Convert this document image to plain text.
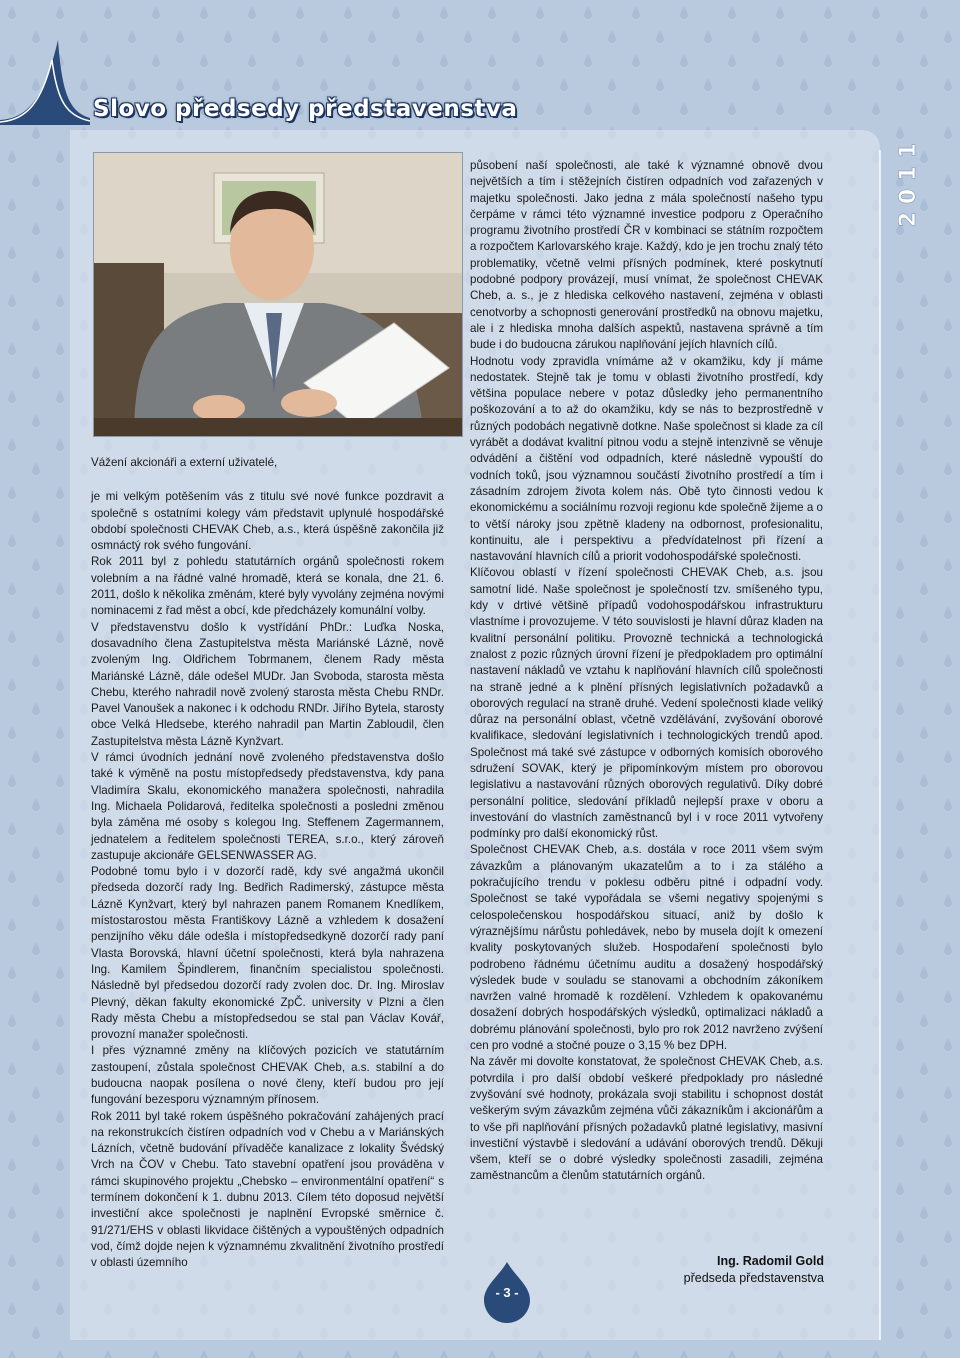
Slovo předsedy představenstva
2 0 1 1

Vážení akcionáři a externí uživatelé,

je mi velkým potěšením vás z titulu své nové funkce pozdravit a společně s ostatními kolegy vám představit uplynulé hospodářské období společnosti CHEVAK Cheb, a.s., která úspěšně zakončila již osmnáctý rok svého fungování.

Rok 2011 byl z pohledu statutárních orgánů společnosti rokem volebním a na řádné valné hromadě, která se konala, dne 21. 6. 2011, došlo k několika změnám, které byly vyvolány zejména novými nominacemi z řad měst a obcí, kde předcházely komunální volby.

V představenstvu došlo k vystřídání PhDr.: Luďka Noska, dosavadního člena Zastupitelstva města Mariánské Lázně, nově zvoleným Ing. Oldřichem Tobrmanem, členem Rady města Mariánské Lázně, dále odešel MUDr. Jan Svoboda, starosta města Chebu, kterého nahradil nově zvolený starosta města Chebu RNDr. Pavel Vanoušek a nakonec i k odchodu RNDr. Jiřího Bytela, starosty obce Velká Hledsebe, kterého nahradil pan Martin Zabloudil, člen Zastupitelstva města Lázně Kynžvart.

V rámci úvodních jednání nově zvoleného představenstva došlo také k výměně na postu místopředsedy představenstva, kdy pana Vladimíra Skalu, ekonomického manažera společnosti, nahradila Ing. Michaela Polidarová, ředitelka společnosti a posledni změnou byla záměna mé osoby s kolegou Ing. Steffenem Zagermannem, jednatelem a ředitelem společnosti TEREA, s.r.o., který zároveň zastupuje akcionáře GELSENWASSER AG.

Podobné tomu bylo i v dozorčí radě, kdy své angažmá ukončil předseda dozorčí rady Ing. Bedřich Radimerský, zástupce města Lázně Kynžvart, který byl nahrazen panem Romanem Knedlíkem, místostarostou města Františkovy Lázně a vzhledem k dosažení penzijního věku dále odešla i místopředsedkyně dozorčí rady paní Vlasta Borovská, hlavní účetní společnosti, která byla nahrazena Ing. Kamilem Špindlerem, finančním specialistou společnosti. Následně byl předsedou dozorčí rady zvolen doc. Dr. Ing. Miroslav Plevný, děkan fakulty ekonomické ZpČ. university v Plzni a člen Rady města Chebu a místopředsedou se stal pan Václav Kovář, provozní manažer společnosti.

I přes významné změny na klíčových pozicích ve statutárním zastoupení, zůstala společnost CHEVAK Cheb, a.s. stabilní a do budoucna naopak posílena o nové členy, kteří budou pro její fungování bezesporu významným přínosem.

Rok 2011 byl také rokem úspěšného pokračování zahájených prací na rekonstrukcích čistíren odpadních vod v Chebu a v Mariánských Lázních, včetně budování přívaděče kanalizace z lokality Švédský Vrch na ČOV v Chebu. Tato stavební opatření jsou prováděna v rámci skupinového projektu „Chebsko – environmentální opatření“ s termínem dokončení k 1. dubnu 2013. Cílem této doposud největší investiční akce společnosti je naplnění Evropské směrnice č. 91/271/EHS v oblasti likvidace čištěných a vypouštěných odpadních vod, čímž dojde nejen k významnému zkvalitnění životního prostředí v oblasti územního

působení naší společnosti, ale také k významné obnově dvou největších a tím i stěžejních čistíren odpadních vod zařazených v majetku společnosti. Jako jedna z mála společností našeho typu čerpáme v rámci této významné investice podporu z Operačního programu životního prostředí ČR v kombinaci se státním rozpočtem a rozpočtem Karlovarského kraje. Každý, kdo je jen trochu znalý této problematiky, včetně velmi přísných podmínek, které poskytnutí podobné podpory provázejí, musí vnímat, že společnost CHEVAK Cheb, a. s., je z hlediska celkového nastavení, zejména v oblasti cenotvorby a schopnosti generování prostředků na obnovu majetku, ale i z hlediska mnoha dalších aspektů, nastavena správně a tím bude i do budoucna zárukou naplňování jejích hlavních cílů.

Hodnotu vody zpravidla vnímáme až v okamžiku, kdy jí máme nedostatek. Stejně tak je tomu v oblasti životního prostředí, kdy většina populace nebere v potaz důsledky jeho permanentního poškozování a to až do okamžiku, kdy se nás to bezprostředně v různých podobách negativně dotkne. Naše společnost si klade za cíl vyrábět a dodávat kvalitní pitnou vodu a stejně intenzivně se věnuje odvádění a čištění vod odpadních, které následně vypouští do vodních toků, jsou významnou součástí životního prostředí a tím i zásadním zdrojem života kolem nás. Obě tyto činnosti vedou k ekonomickému a sociálnímu rozvoji regionu kde společně žijeme a o to větší nároky jsou zpětně kladeny na odbornost, profesionalitu, kontinuitu, ale i perspektivu a předvídatelnost při řízení a nastavování hlavních cílů a priorit vodohospodářské společnosti.

Klíčovou oblastí v řízení společnosti CHEVAK Cheb, a.s. jsou samotní lidé. Naše společnost je společností tzv. smíšeného typu, kdy v drtivé většině případů vodohospodářskou infrastrukturu vlastníme i provozujeme. V této souvislosti je hlavní důraz kladen na kvalitní personální politiku. Provozně technická a technologická znalost z pozic různých úrovní řízení je předpokladem pro optimální nastavení nákladů ve vztahu k naplňování hlavních cílů společnosti na straně jedné a k plnění přísných legislativních požadavků a oborových regulací na straně druhé. Vedení společnosti klade veliký důraz na personální oblast, včetně vzdělávání, zvyšování oborové kvalifikace, sledování legislativních i technologických trendů apod. Společnost má také své zástupce v odborných komisích oborového sdružení SOVAK, který je připomínkovým místem pro oborovou legislativu a nastavování různých oborových regulativů. Díky dobré personální politice, sledování příkladů nejlepší praxe v oboru a investování do vlastních zaměstnanců byl i v roce 2011 vytvořeny podmínky pro další ekonomický růst.

Společnost CHEVAK Cheb, a.s. dostála v roce 2011 všem svým závazkům a plánovaným ukazatelům a to i za stálého a pokračujícího trendu v poklesu odběru pitné i odpadní vody. Společnost se také vypořádala se všemi negativy spojenými s celospolečenskou hospodářskou situací, aniž by došlo k výraznějšímu nárůstu pohledávek, nebo by musela dojít k omezení kvality poskytovaných služeb. Hospodaření společnosti bylo podrobeno řádnému účetnímu auditu a dosažený hospodářský výsledek bude v souladu se stanovami a obchodním zákoníkem navržen valné hromadě k rozdělení. Vzhledem k opakovanému dosažení dobrých hospodářských výsledků, optimalizaci nákladů a dobrému plánování společnosti, bylo pro rok 2012 navrženo zvýšení cen pro vodné a stočné pouze o 3,15 % bez DPH.

Na závěr mi dovolte konstatovat, že společnost CHEVAK Cheb, a.s. potvrdila i pro další období veškeré předpoklady pro následné zvyšování své hodnoty, prokázala svoji stabilitu i schopnost dostát veškerým svým závazkům zejména vůči zákazníkům i akcionářům a to vše při naplňování přísných požadavků platné legislativy, masivní investiční výstavbě i sledování a udávání oborových trendů. Děkuji všem, kteří se o dobré výsledky společnosti zasadili, zejména zaměstnancům a členům statutárních orgánů.

Ing. Radomil Gold
předseda představenstva
- 3 -
